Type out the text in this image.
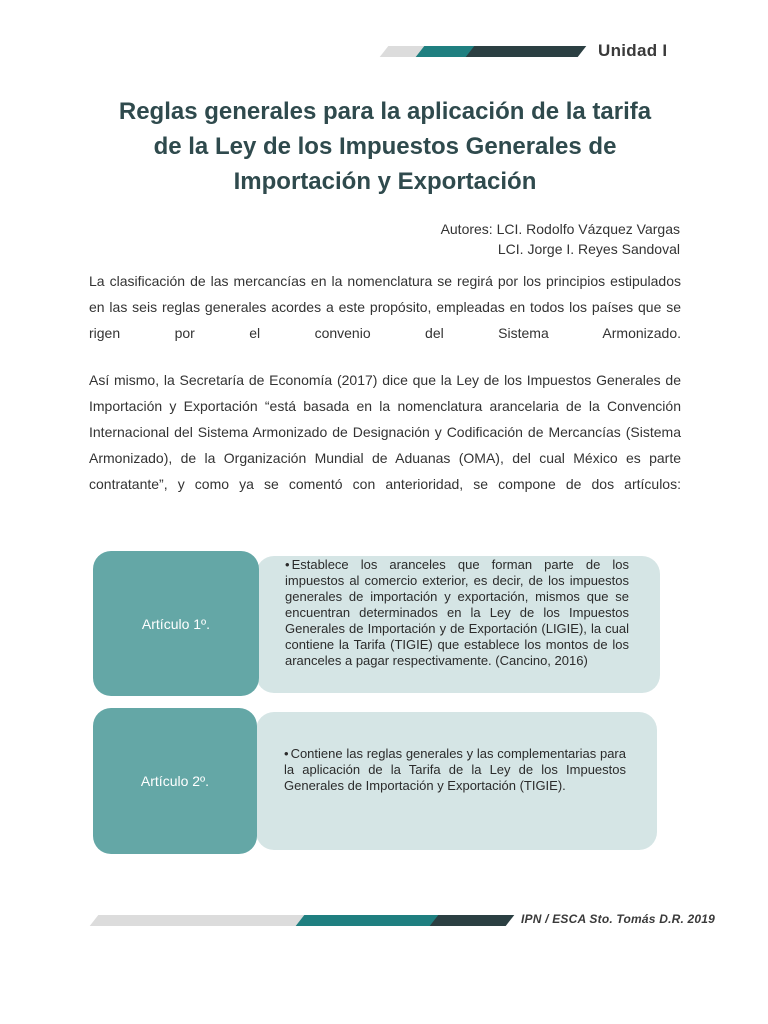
Unidad I
Reglas generales para la aplicación de la tarifa
de la Ley de los Impuestos Generales de
Importación y Exportación
Autores: LCI. Rodolfo Vázquez Vargas
LCI. Jorge I. Reyes Sandoval
La clasificación de las mercancías en la nomenclatura se regirá por los principios estipulados en las seis reglas generales acordes a este propósito, empleadas en todos los países que se rigen por el convenio del Sistema Armonizado.
Así mismo, la Secretaría de Economía (2017) dice que la Ley de los Impuestos Generales de Importación y Exportación “está basada en la nomenclatura arancelaria de la Convención Internacional del Sistema Armonizado de Designación y Codificación de Mercancías (Sistema Armonizado), de la Organización Mundial de Aduanas (OMA), del cual México es parte contratante”, y como ya se comentó con anterioridad, se compone de dos artículos:
Artículo 1º.
• Establece los aranceles que forman parte de los impuestos al comercio exterior, es decir, de los impuestos generales de importación y exportación, mismos que se encuentran determinados en la Ley de los Impuestos Generales de Importación y de Exportación (LIGIE), la cual contiene la Tarifa (TIGIE) que establece los montos de los aranceles a pagar respectivamente. (Cancino, 2016)
Artículo 2º.
• Contiene las reglas generales y las complementarias para la aplicación de la Tarifa de la Ley de los Impuestos Generales de Importación y Exportación (TIGIE).
IPN / ESCA Sto. Tomás D.R. 2019
